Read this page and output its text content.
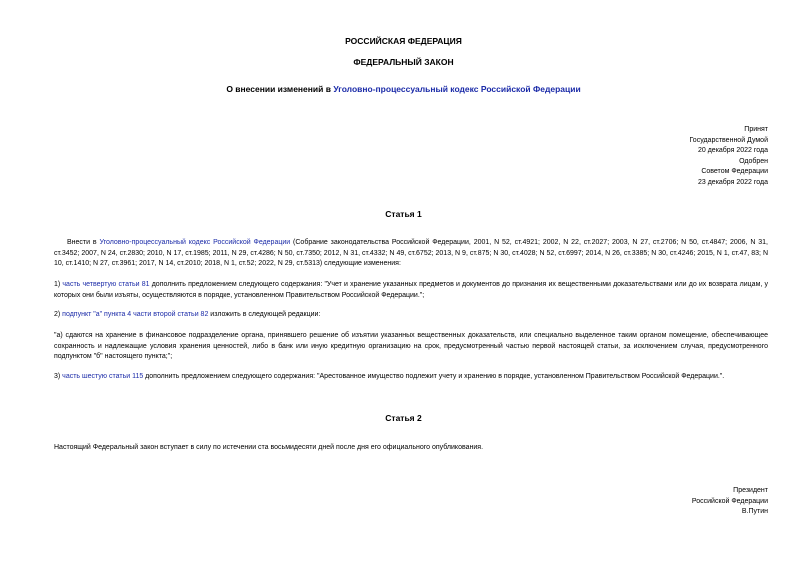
РОССИЙСКАЯ ФЕДЕРАЦИЯ
ФЕДЕРАЛЬНЫЙ ЗАКОН
О внесении изменений в Уголовно-процессуальный кодекс Российской Федерации
Принят
Государственной Думой
20 декабря 2022 года
Одобрен
Советом Федерации
23 декабря 2022 года
Статья 1
Внести в Уголовно-процессуальный кодекс Российской Федерации (Собрание законодательства Российской Федерации, 2001, N 52, ст.4921; 2002, N 22, ст.2027; 2003, N 27, ст.2706; N 50, ст.4847; 2006, N 31, ст.3452; 2007, N 24, ст.2830; 2010, N 17, ст.1985; 2011, N 29, ст.4286; N 50, ст.7350; 2012, N 31, ст.4332; N 49, ст.6752; 2013, N 9, ст.875; N 30, ст.4028; N 52, ст.6997; 2014, N 26, ст.3385; N 30, ст.4246; 2015, N 1, ст.47, 83; N 10, ст.1410; N 27, ст.3961; 2017, N 14, ст.2010; 2018, N 1, ст.52; 2022, N 29, ст.5313) следующие изменения:
1) часть четвертую статьи 81 дополнить предложением следующего содержания: "Учет и хранение указанных предметов и документов до признания их вещественными доказательствами или до их возврата лицам, у которых они были изъяты, осуществляются в порядке, установленном Правительством Российской Федерации.";
2) подпункт "а" пункта 4 части второй статьи 82 изложить в следующей редакции:
"а) сдаются на хранение в финансовое подразделение органа, принявшего решение об изъятии указанных вещественных доказательств, или специально выделенное таким органом помещение, обеспечивающее сохранность и надлежащие условия хранения ценностей, либо в банк или иную кредитную организацию на срок, предусмотренный частью первой настоящей статьи, за исключением случая, предусмотренного подпунктом "б" настоящего пункта;";
3) часть шестую статьи 115 дополнить предложением следующего содержания: "Арестованное имущество подлежит учету и хранению в порядке, установленном Правительством Российской Федерации.".
Статья 2
Настоящий Федеральный закон вступает в силу по истечении ста восьмидесяти дней после дня его официального опубликования.
Президент
Российской Федерации
В.Путин
